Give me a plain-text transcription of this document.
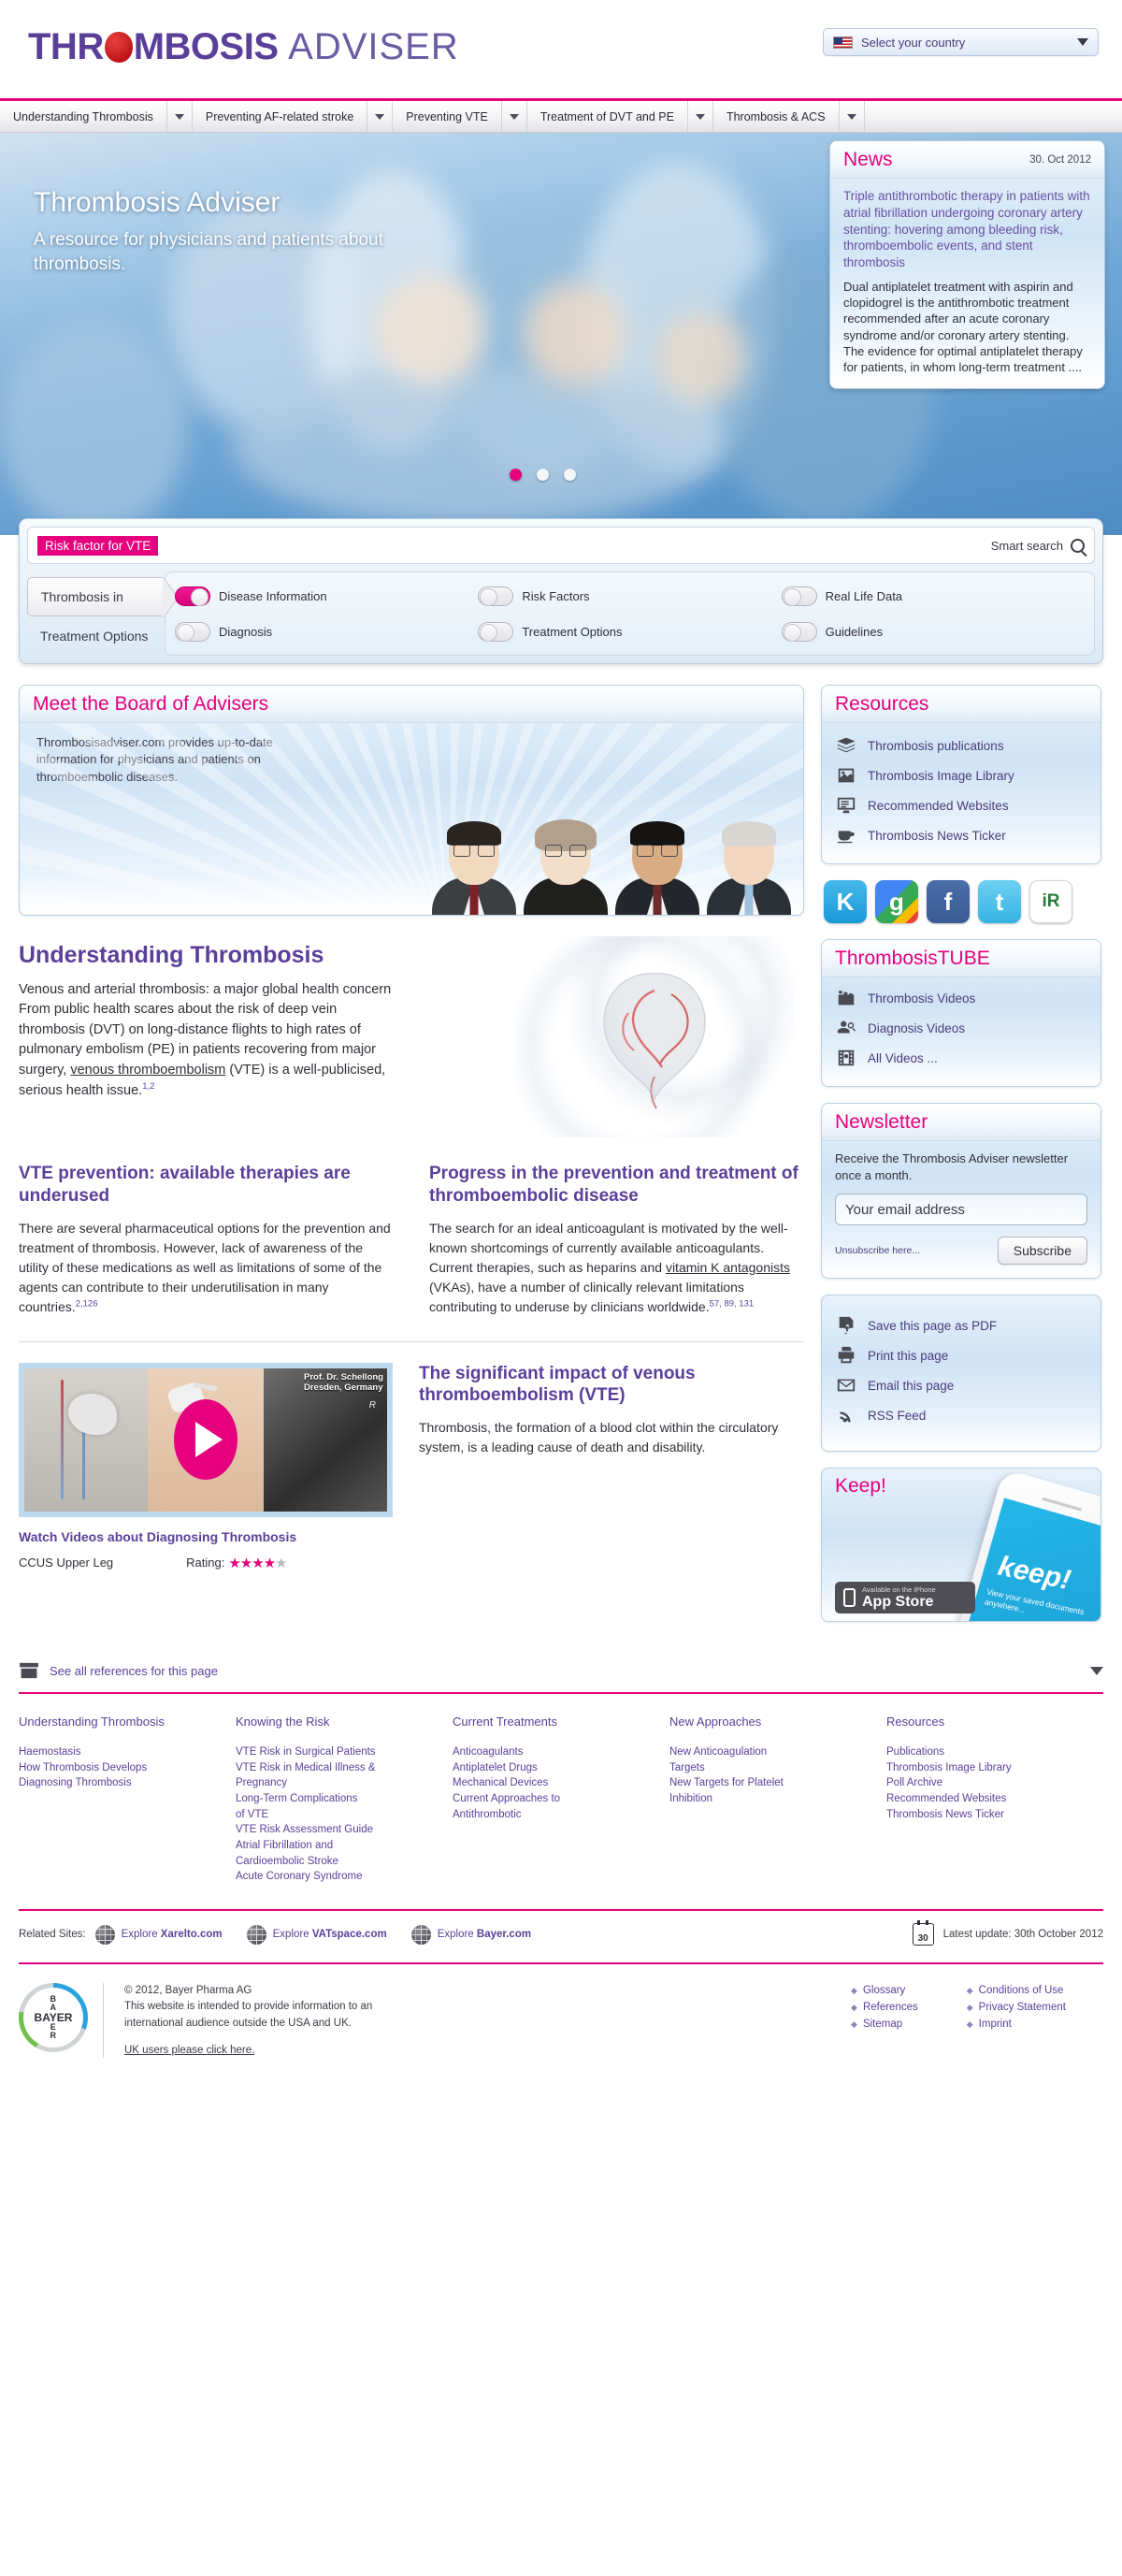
THR MBOSIS ADVISER	Select your country
Understanding Thrombosis	Preventing AF-related stroke	Preventing VTE	Treatment of DVT and PE	Thrombosis & ACS
Thrombosis Adviser

A resource for physicians and patients about thrombosis.

News	30. Oct 2012
Triple antithrombotic therapy in patients with atrial fibrillation undergoing coronary artery stenting: hovering among bleeding risk, thromboembolic events, and stent thrombosis
Dual antiplatelet treatment with aspirin and clopidogrel is the antithrombotic treatment recommended after an acute coronary syndrome and/or coronary artery stenting. The evidence for optimal antiplatelet therapy for patients, in whom long-term treatment ....
Risk factor for VTE	Smart search
Thrombosis in
Treatment Options
Disease Information	Risk Factors	Real Life Data
Diagnosis	Treatment Options	Guidelines
Meet the Board of Advisers
Thrombosisadviser.com provides up-to-date information for physicians and patients on thromboembolic diseases.
Understanding Thrombosis

Venous and arterial thrombosis: a major global health concern From public health scares about the risk of deep vein thrombosis (DVT) on long-distance flights to high rates of pulmonary embolism (PE) in patients recovering from major surgery, venous thromboembolism (VTE) is a well-publicised, serious health issue.$^{1,2}$

VTE prevention: available therapies are underused

There are several pharmaceutical options for the prevention and treatment of thrombosis. However, lack of awareness of the utility of these medications as well as limitations of some of the agents can contribute to their underutilisation in many countries.$^{2,126}$

Progress in the prevention and treatment of thromboembolic disease

The search for an ideal anticoagulant is motivated by the well-known shortcomings of currently available anticoagulants. Current therapies, such as heparins and vitamin K antagonists (VKAs), have a number of clinically relevant limitations contributing to underuse by clinicians worldwide.$^{57, 89, 131}$

Prof. Dr. Schellong
Dresden, Germany
R
Watch Videos about Diagnosing Thrombosis
CCUS Upper Leg	Rating: ★★★★★
The significant impact of venous thromboembolism (VTE)

Thrombosis, the formation of a blood clot within the circulatory system, is a leading cause of death and disability.

Resources
Thrombosis publications
Thrombosis Image Library
Recommended Websites
Thrombosis News Ticker
K g f t iR
ThrombosisTUBE
Thrombosis Videos
Diagnosis Videos
All Videos ...
Newsletter

Receive the Thrombosis Adviser newsletter once a month.

Your email address
Unsubscribe here...	Subscribe
Save this page as PDF
Print this page
Email this page
RSS Feed
Keep!
keep!
View your saved documents anywhere...
Available on the iPhone
App Store
See all references for this page
Understanding Thrombosis
Haemostasis
How Thrombosis Develops
Diagnosing Thrombosis
Knowing the Risk
VTE Risk in Surgical Patients
VTE Risk in Medical Illness &
Pregnancy
Long-Term Complications
of VTE
VTE Risk Assessment Guide
Atrial Fibrillation and
Cardioembolic Stroke
Acute Coronary Syndrome
Current Treatments
Anticoagulants
Antiplatelet Drugs
Mechanical Devices
Current Approaches to
Antithrombotic
New Approaches
New Anticoagulation
Targets
New Targets for Platelet
Inhibition
Resources
Publications
Thrombosis Image Library
Poll Archive
Recommended Websites
Thrombosis News Ticker
Related Sites:	Explore Xarelto.com	Explore VATspace.com	Explore Bayer.com	30 Latest update: 30th October 2012
B
A
BAYER
E
R

© 2012, Bayer Pharma AG

This website is intended to provide information to an

international audience outside the USA and UK.

UK users please click here.
◆ Glossary
◆ References
◆ Sitemap
◆ Conditions of Use
◆ Privacy Statement
◆ Imprint
